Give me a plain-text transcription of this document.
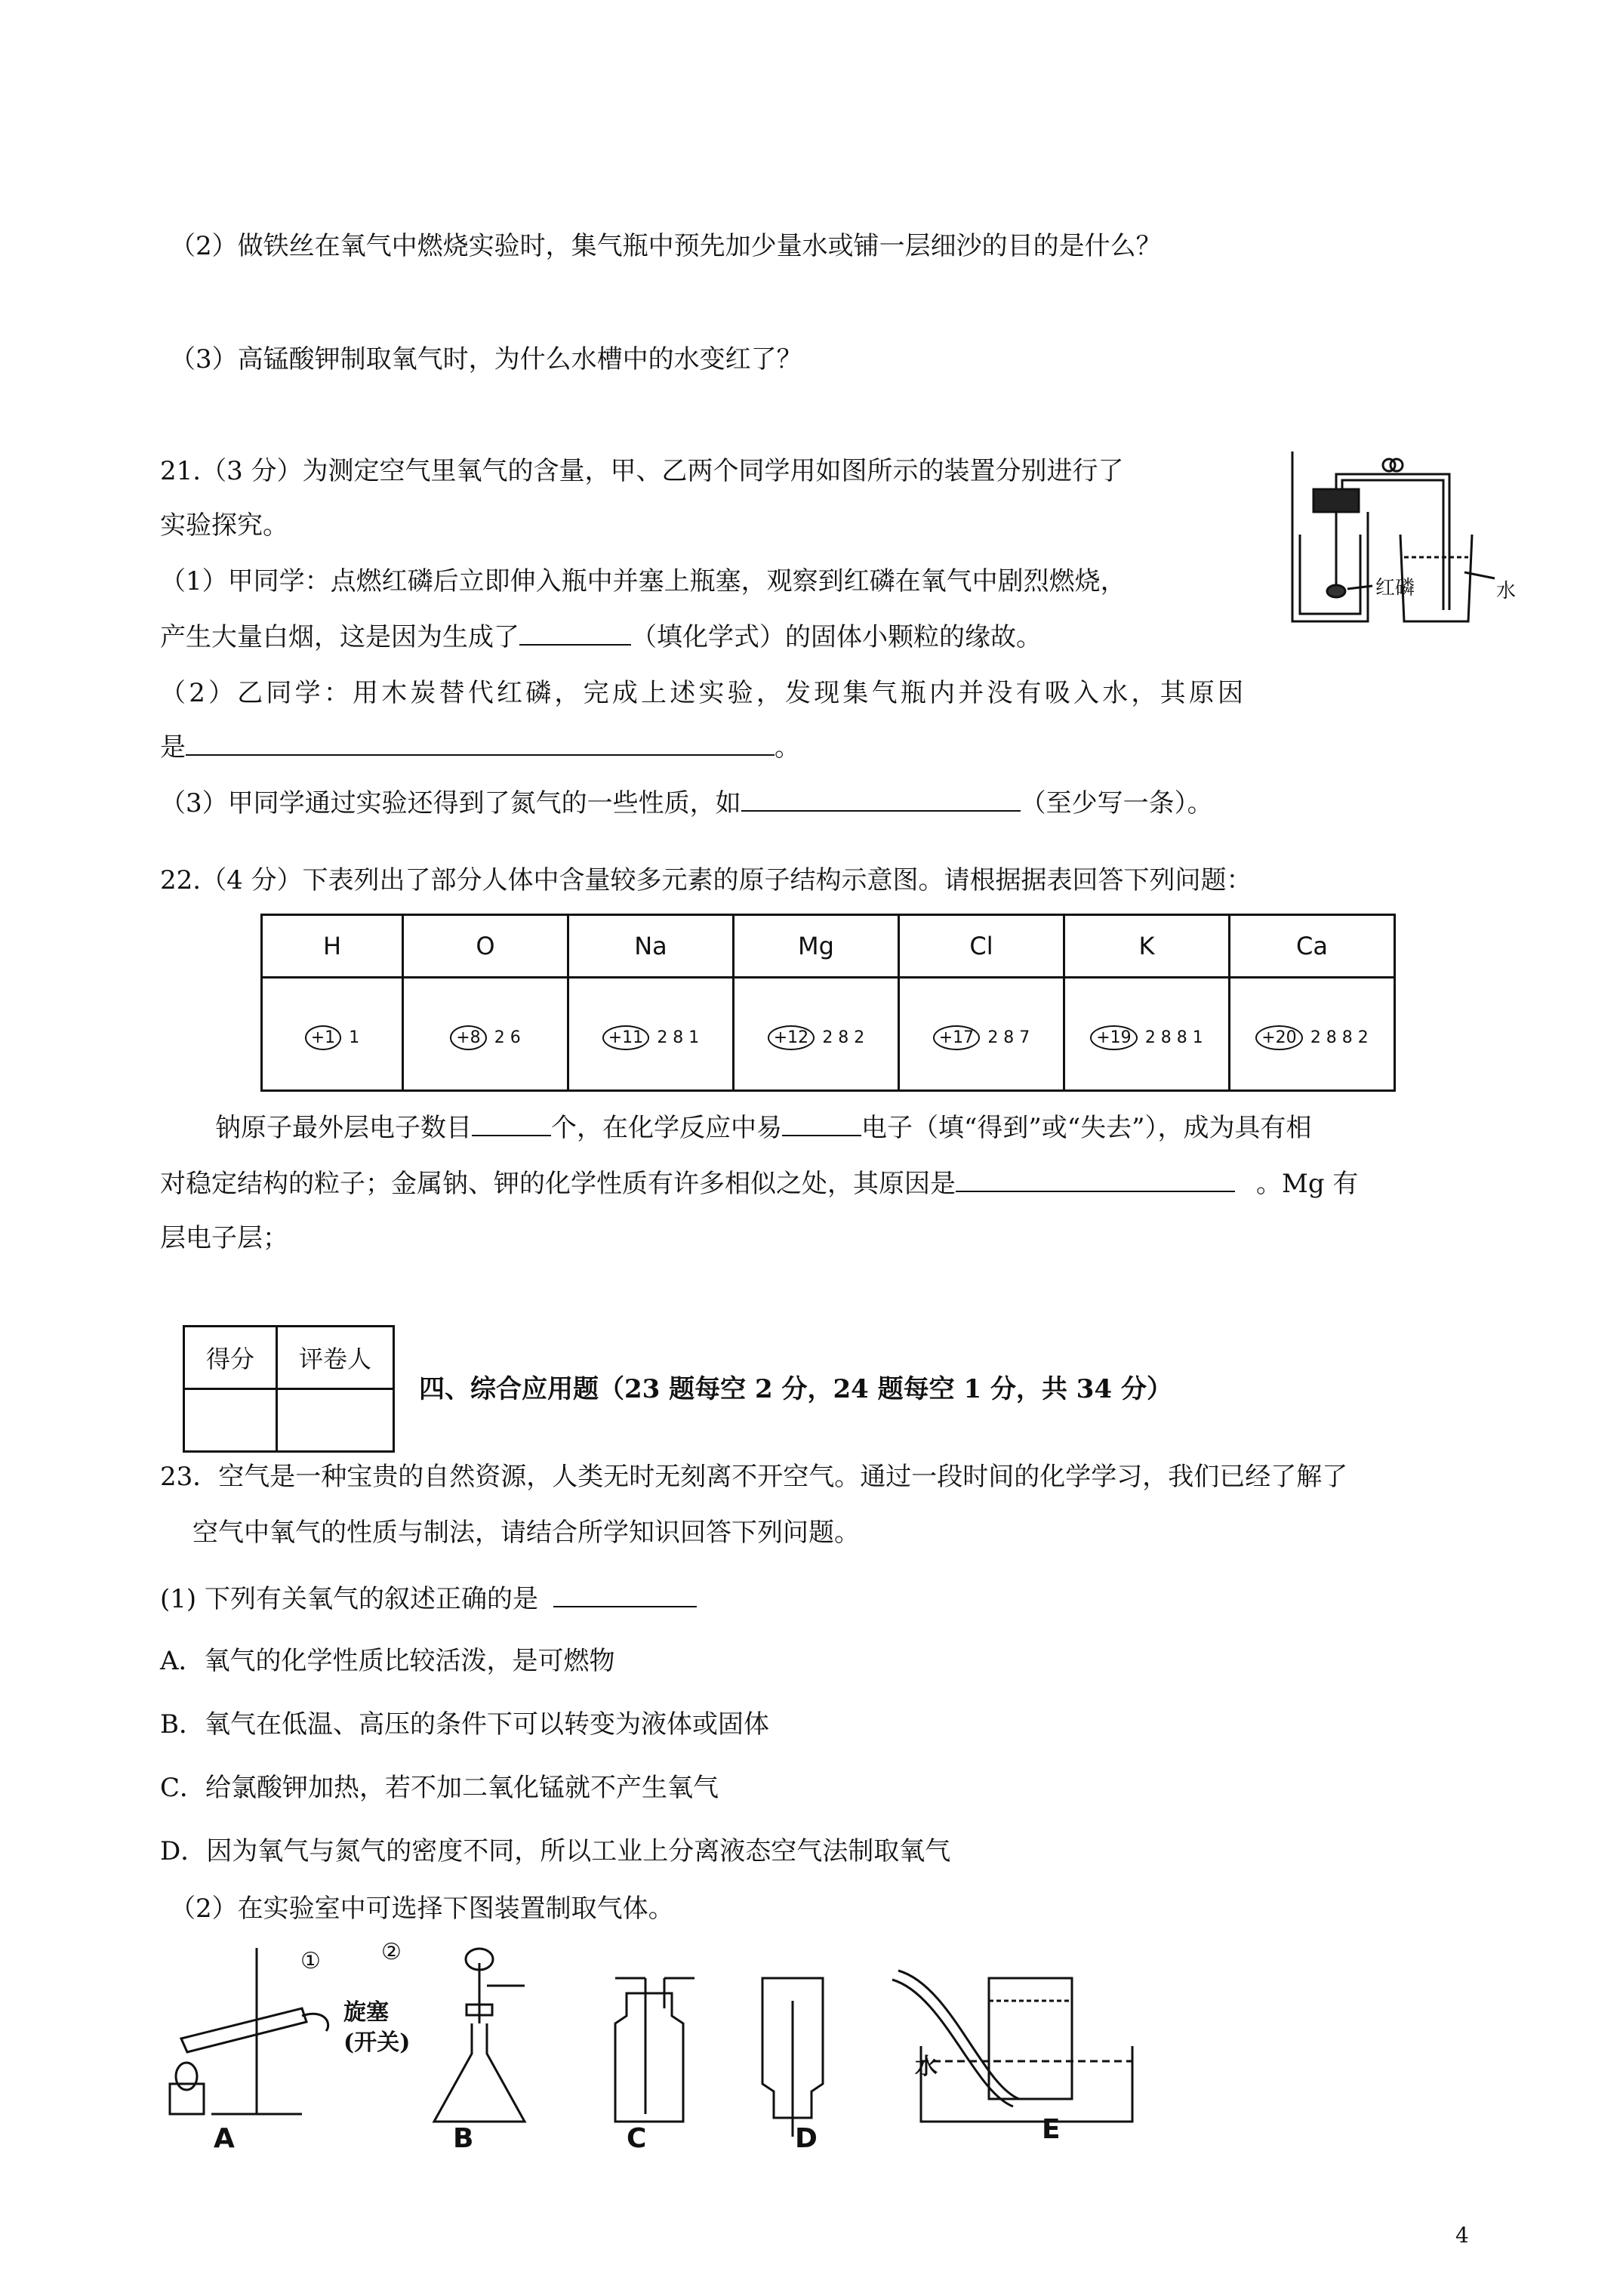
（2）做铁丝在氧气中燃烧实验时，集气瓶中预先加少量水或铺一层细沙的目的是什么？
（3）高锰酸钾制取氧气时，为什么水槽中的水变红了？
21.（3 分）为测定空气里氧气的含量，甲、乙两个同学用如图所示的装置分别进行了
实验探究。
（1）甲同学：点燃红磷后立即伸入瓶中并塞上瓶塞，观察到红磷在氧气中剧烈燃烧，
产生大量白烟，这是因为生成了	（填化学式）的固体小颗粒的缘故。
（2）乙同学：用木炭替代红磷，完成上述实验，发现集气瓶内并没有吸入水，其原因
是	。
（3）甲同学通过实验还得到了氮气的一些性质，如	（至少写一条）。
红磷	水
22.（4 分）下表列出了部分人体中含量较多元素的原子结构示意图。请根据据表回答下列问题：
H	O	Na	Mg	Cl	K	Ca
+1 1	+8 2 6	+11 2 8 1	+12 2 8 2	+17 2 8 7	+19 2 8 8 1	+20 2 8 8 2
钠原子最外层电子数目	个，在化学反应中易	电子（填“得到”或“失去”），成为具有相
对稳定结构的粒子；金属钠、钾的化学性质有许多相似之处，其原因是	。Mg 有
层电子层；
得分	评卷人

四、综合应用题（23 题每空 2 分，24 题每空 1 分，共 34 分）
23．空气是一种宝贵的自然资源，人类无时无刻离不开空气。通过一段时间的化学学习，我们已经了解了
空气中氧气的性质与制法，请结合所学知识回答下列问题。
(1) 下列有关氧气的叙述正确的是
A．氧气的化学性质比较活泼，是可燃物
B．氧气在低温、高压的条件下可以转变为液体或固体
C．给氯酸钾加热，若不加二氧化锰就不产生氧气
D．因为氧气与氮气的密度不同，所以工业上分离液态空气法制取氧气
（2）在实验室中可选择下图装置制取气体。
A	B	C	D	E
①	②
旋塞
(开关)
水
4
